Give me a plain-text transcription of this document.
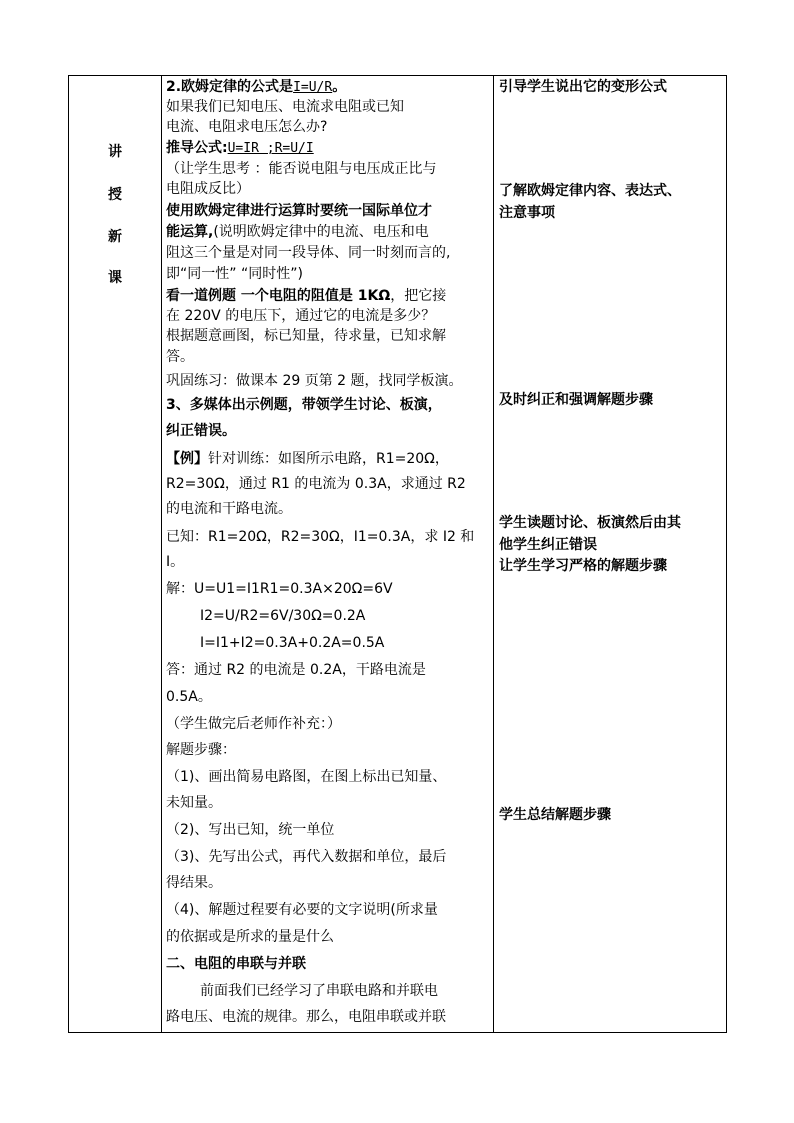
讲
授
新
课
2.欧姆定律的公式是I=U/R。
如果我们已知电压、电流求电阻或已知
电流、电阻求电压怎么办?
推导公式:U=IR ;R=U/I
（让学生思考 ：能否说电阻与电压成正比与
电阻成反比）
使用欧姆定律进行运算时要统一国际单位才
能运算,(说明欧姆定律中的电流、电压和电
阻这三个量是对同一段导体、同一时刻而言的,
即“同一性” “同时性”)
看一道例题 一个电阻的阻值是 1KΩ，把它接
在 220V 的电压下，通过它的电流是多少？
根据题意画图，标已知量，待求量，已知求解
答。
巩固练习：做课本 29 页第 2 题，找同学板演。
3、多媒体出示例题，带领学生讨论、板演，
纠正错误。
【例】针对训练：如图所示电路，R1=20Ω，
R2=30Ω，通过 R1 的电流为 0.3A，求通过 R2
的电流和干路电流。
已知：R1=20Ω，R2=30Ω，I1=0.3A，求 I2 和
I。
解：U=U1=I1R1=0.3A×20Ω=6V
I2=U/R2=6V/30Ω=0.2A
I=I1+I2=0.3A+0.2A=0.5A
答：通过 R2 的电流是 0.2A，干路电流是
0.5A。
（学生做完后老师作补充：）
解题步骤：
（1)、画出简易电路图，在图上标出已知量、
未知量。
（2)、写出已知，统一单位
（3)、先写出公式，再代入数据和单位，最后
得结果。
（4)、解题过程要有必要的文字说明(所求量
的依据或是所求的量是什么
二、电阻的串联与并联
前面我们已经学习了串联电路和并联电
路电压、电流的规律。那么，电阻串联或并联
引导学生说出它的变形公式
了解欧姆定律内容、表达式、
注意事项
及时纠正和强调解题步骤
学生读题讨论、板演然后由其
他学生纠正错误
让学生学习严格的解题步骤
学生总结解题步骤
